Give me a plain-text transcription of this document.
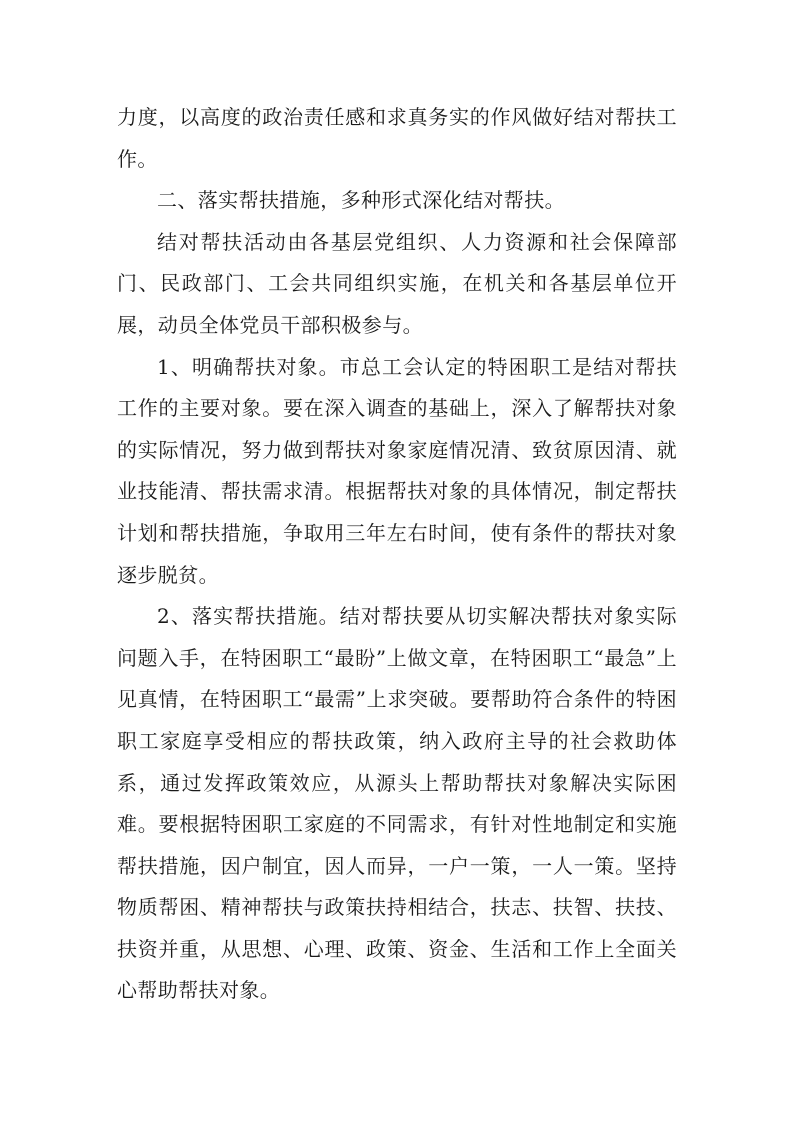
力度，以高度的政治责任感和求真务实的作风做好结对帮扶工作。

二、落实帮扶措施，多种形式深化结对帮扶。

结对帮扶活动由各基层党组织、人力资源和社会保障部门、民政部门、工会共同组织实施，在机关和各基层单位开展，动员全体党员干部积极参与。

1、明确帮扶对象。市总工会认定的特困职工是结对帮扶工作的主要对象。要在深入调查的基础上，深入了解帮扶对象的实际情况，努力做到帮扶对象家庭情况清、致贫原因清、就业技能清、帮扶需求清。根据帮扶对象的具体情况，制定帮扶计划和帮扶措施，争取用三年左右时间，使有条件的帮扶对象逐步脱贫。

2、落实帮扶措施。结对帮扶要从切实解决帮扶对象实际问题入手，在特困职工“最盼”上做文章，在特困职工“最急”上见真情，在特困职工“最需”上求突破。要帮助符合条件的特困职工家庭享受相应的帮扶政策，纳入政府主导的社会救助体系，通过发挥政策效应，从源头上帮助帮扶对象解决实际困难。要根据特困职工家庭的不同需求，有针对性地制定和实施帮扶措施，因户制宜，因人而异，一户一策，一人一策。坚持物质帮困、精神帮扶与政策扶持相结合，扶志、扶智、扶技、扶资并重，从思想、心理、政策、资金、生活和工作上全面关心帮助帮扶对象。
